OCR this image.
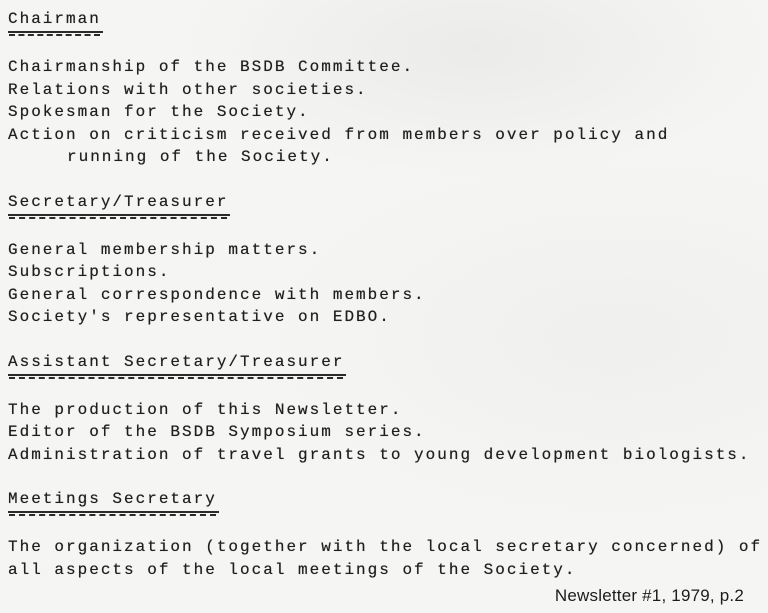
Chairman
Chairmanship of the BSDB Committee.
Relations with other societies.
Spokesman for the Society.
Action on criticism received from members over policy and
running of the Society.
Secretary/Treasurer
General membership matters.
Subscriptions.
General correspondence with members.
Society's representative on EDBO.
Assistant Secretary/Treasurer
The production of this Newsletter.
Editor of the BSDB Symposium series.
Administration of travel grants to young development biologists.
Meetings Secretary
The organization (together with the local secretary concerned) of
all aspects of the local meetings of the Society.
Newsletter #1, 1979, p.2
